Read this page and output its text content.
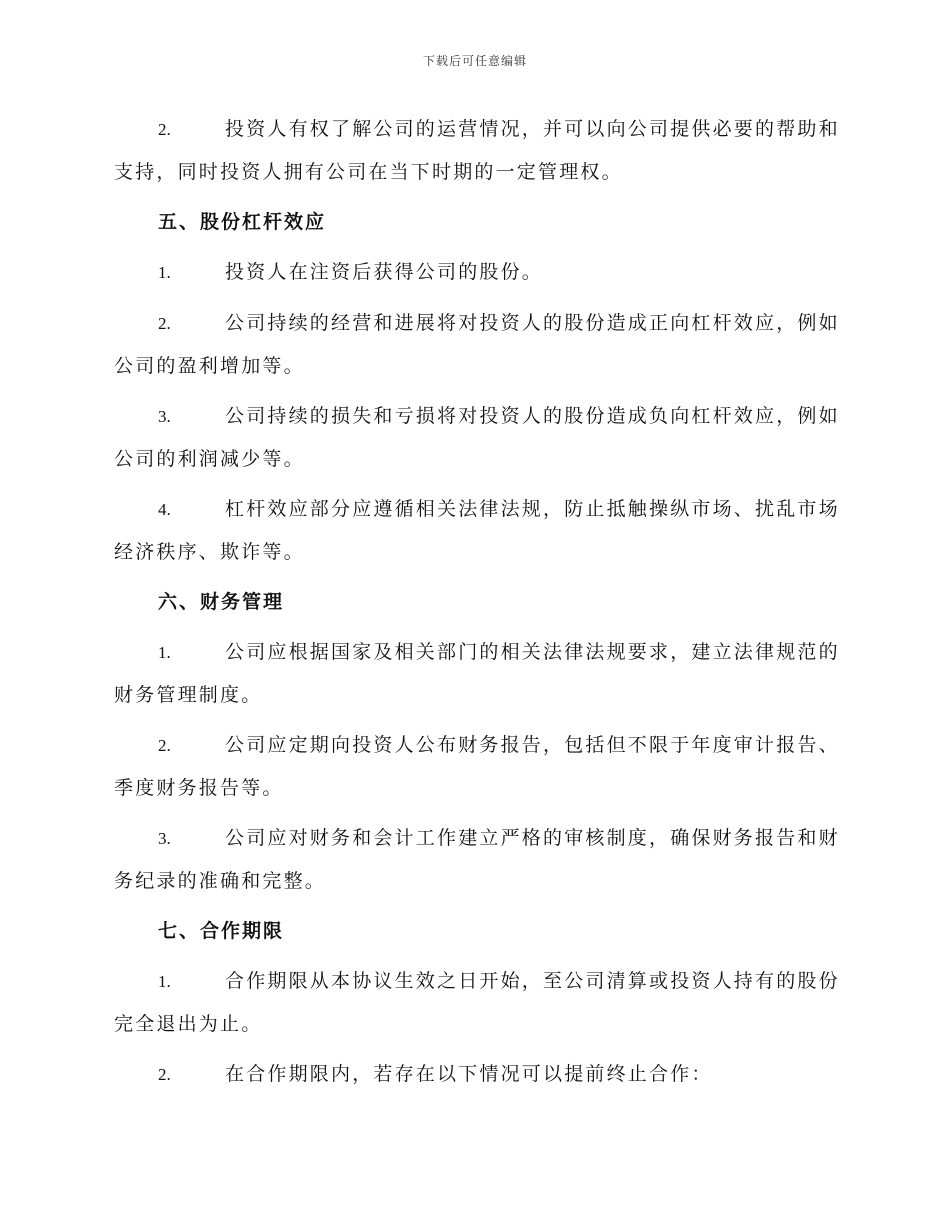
下载后可任意编辑

2.	投资人有权了解公司的运营情况，并可以向公司提供必要的帮助和支持，同时投资人拥有公司在当下时期的一定管理权。

五、股份杠杆效应

1.	投资人在注资后获得公司的股份。

2.	公司持续的经营和进展将对投资人的股份造成正向杠杆效应，例如公司的盈利增加等。

3.	公司持续的损失和亏损将对投资人的股份造成负向杠杆效应，例如公司的利润减少等。

4.	杠杆效应部分应遵循相关法律法规，防止抵触操纵市场、扰乱市场经济秩序、欺诈等。

六、财务管理

1.	公司应根据国家及相关部门的相关法律法规要求，建立法律规范的财务管理制度。

2.	公司应定期向投资人公布财务报告，包括但不限于年度审计报告、季度财务报告等。

3.	公司应对财务和会计工作建立严格的审核制度，确保财务报告和财务纪录的准确和完整。

七、合作期限

1.	合作期限从本协议生效之日开始，至公司清算或投资人持有的股份完全退出为止。

2.	在合作期限内，若存在以下情况可以提前终止合作：
